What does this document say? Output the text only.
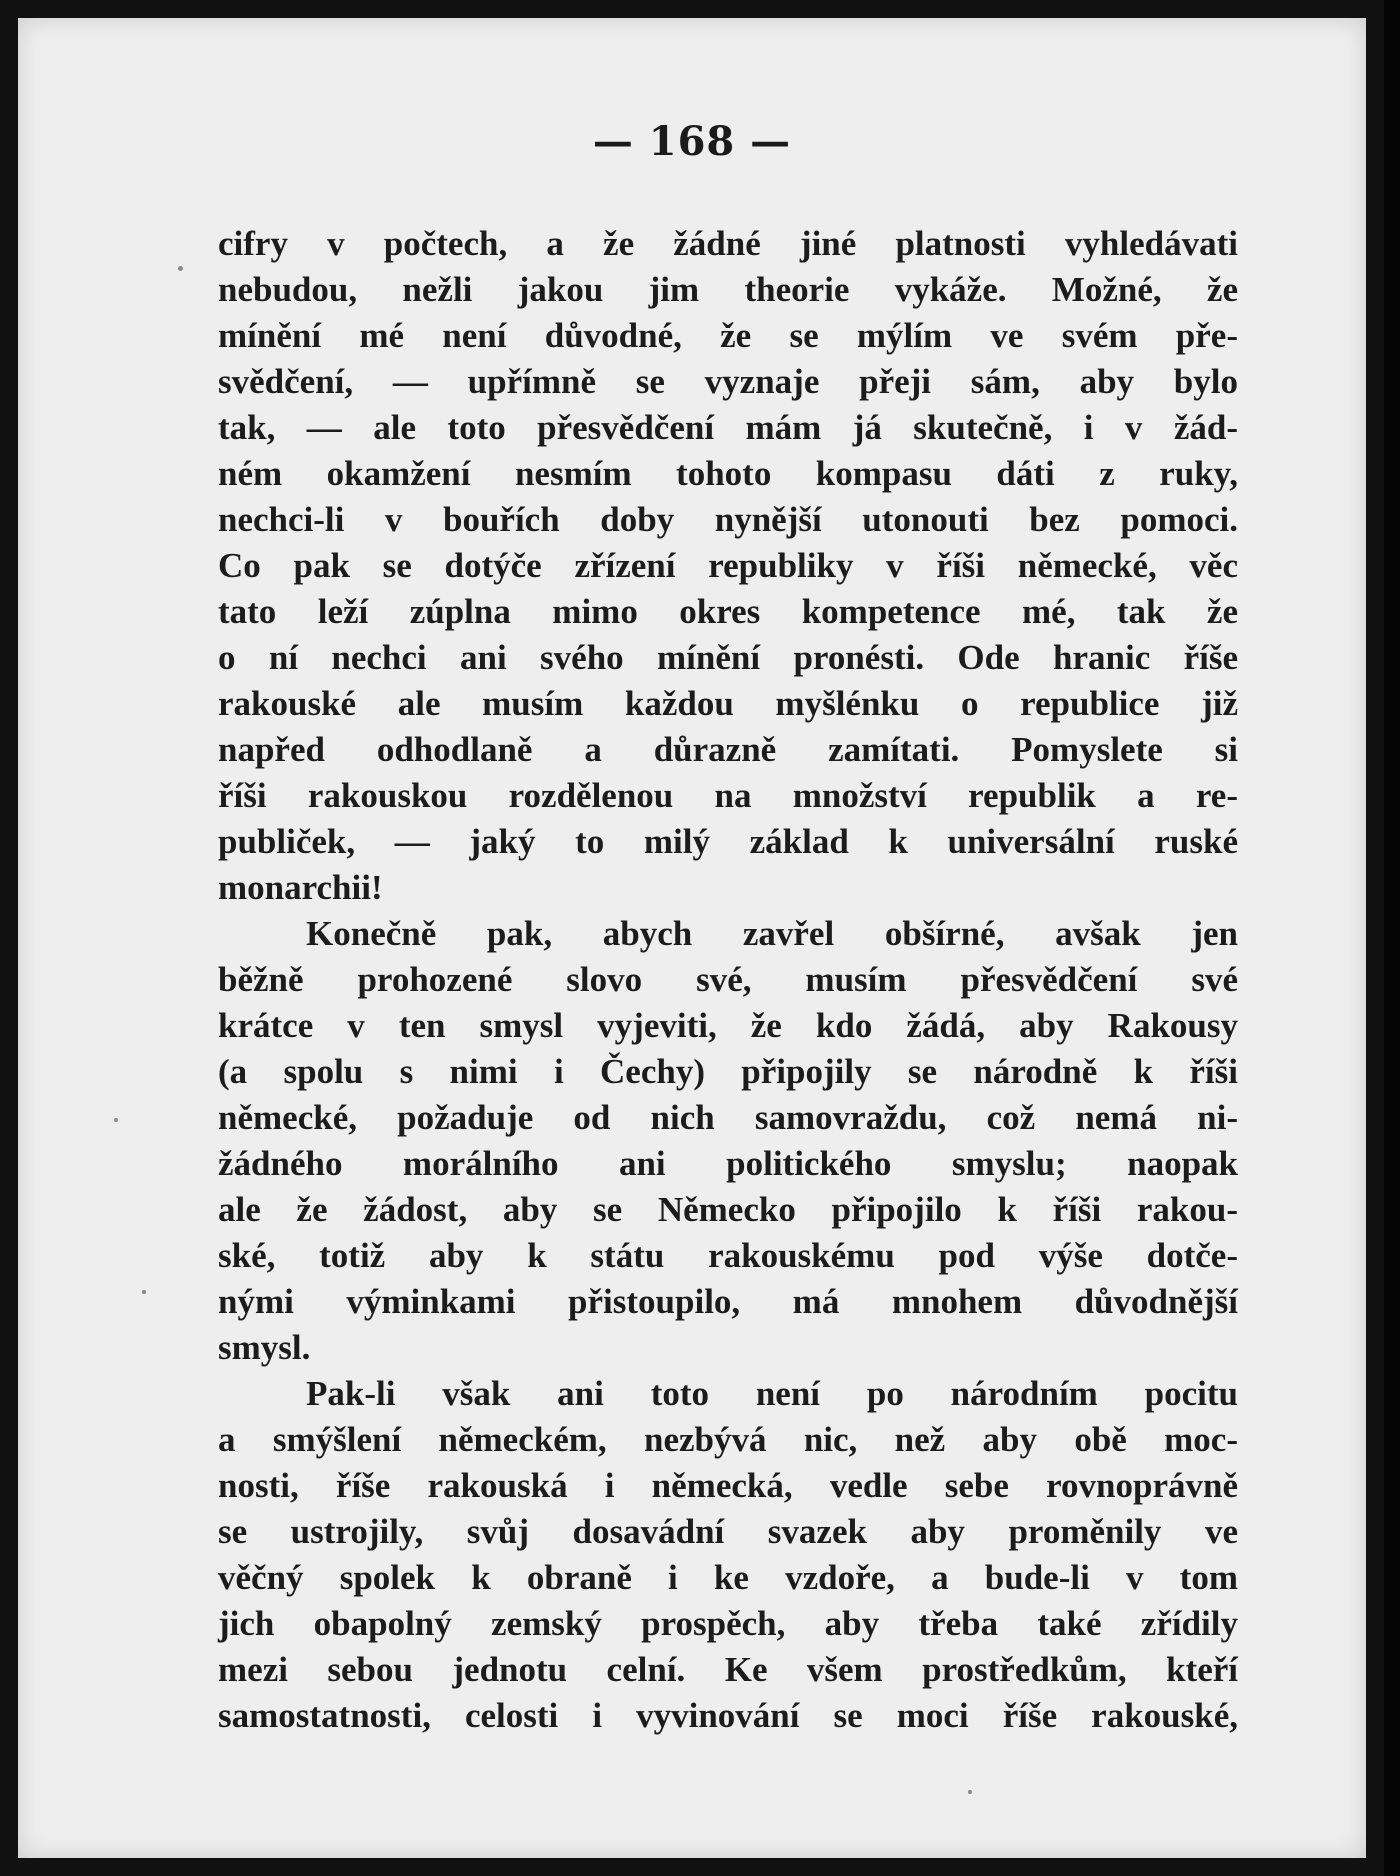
— 168 —
cifry v počtech, a že žádné jiné platnosti vyhledávati
nebudou, nežli jakou jim theorie vykáže. Možné, že
mínění mé není důvodné, že se mýlím ve svém pře-
svědčení, — upřímně se vyznaje přeji sám, aby bylo
tak, — ale toto přesvědčení mám já skutečně, i v žád-
ném okamžení nesmím tohoto kompasu dáti z ruky,
nechci-li v bouřích doby nynější utonouti bez pomoci.
Co pak se dotýče zřízení republiky v říši německé, věc
tato leží zúplna mimo okres kompetence mé, tak že
o ní nechci ani svého mínění pronésti. Ode hranic říše
rakouské ale musím každou myšlénku o republice již
napřed odhodlaně a důrazně zamítati. Pomyslete si
říši rakouskou rozdělenou na množství republik a re-
publiček, — jaký to milý základ k universální ruské
monarchii!
Konečně pak, abych zavřel obšírné, avšak jen
běžně prohozené slovo své, musím přesvědčení své
krátce v ten smysl vyjeviti, že kdo žádá, aby Rakousy
(a spolu s nimi i Čechy) připojily se národně k říši
německé, požaduje od nich samovraždu, což nemá ni-
žádného morálního ani politického smyslu; naopak
ale že žádost, aby se Německo připojilo k říši rakou-
ské, totiž aby k státu rakouskému pod výše dotče-
nými výminkami přistoupilo, má mnohem důvodnější
smysl.
Pak-li však ani toto není po národním pocitu
a smýšlení německém, nezbývá nic, než aby obě moc-
nosti, říše rakouská i německá, vedle sebe rovnoprávně
se ustrojily, svůj dosavádní svazek aby proměnily ve
věčný spolek k obraně i ke vzdoře, a bude-li v tom
jich obapolný zemský prospěch, aby třeba také zřídily
mezi sebou jednotu celní. Ke všem prostředkům, kteří
samostatnosti, celosti i vyvinování se moci říše rakouské,
